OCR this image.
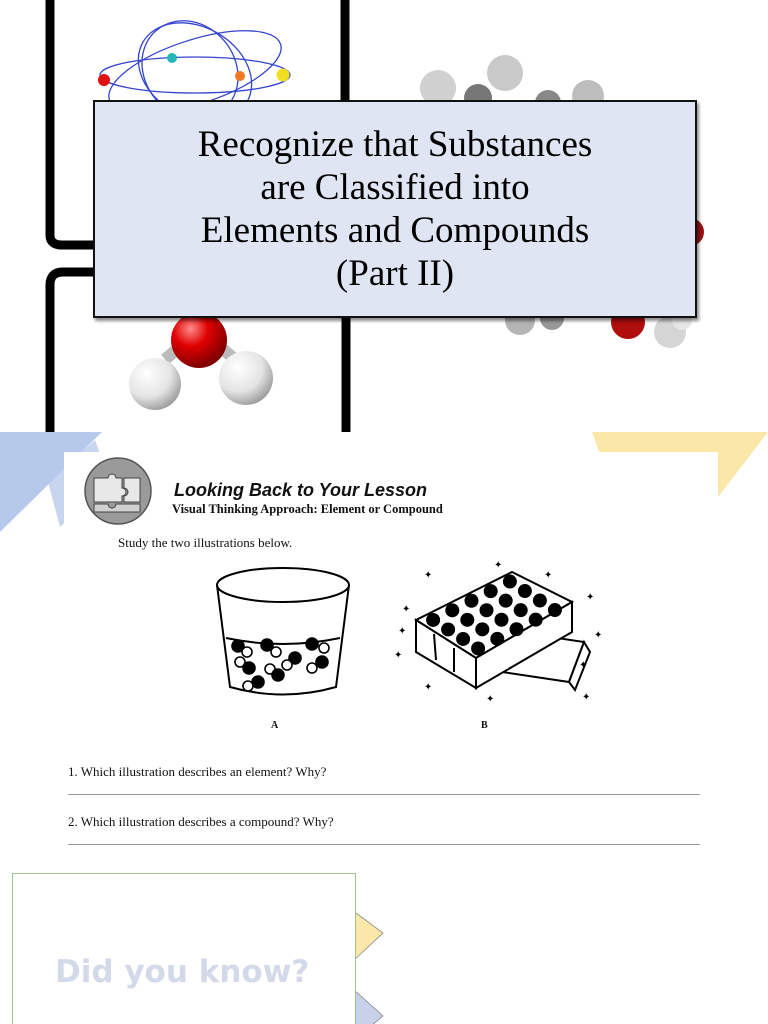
Recognize that Substances
are Classified into
Elements and Compounds
(Part II)
Looking Back to Your Lesson
Visual Thinking Approach: Element or Compound
Study the two illustrations below.
A
✦
✦
✦
✦
✦
✦
✦
✦
✦
✦
✦
✦
B
1. Which illustration describes an element? Why?
2. Which illustration describes a compound? Why?
Did you know?
